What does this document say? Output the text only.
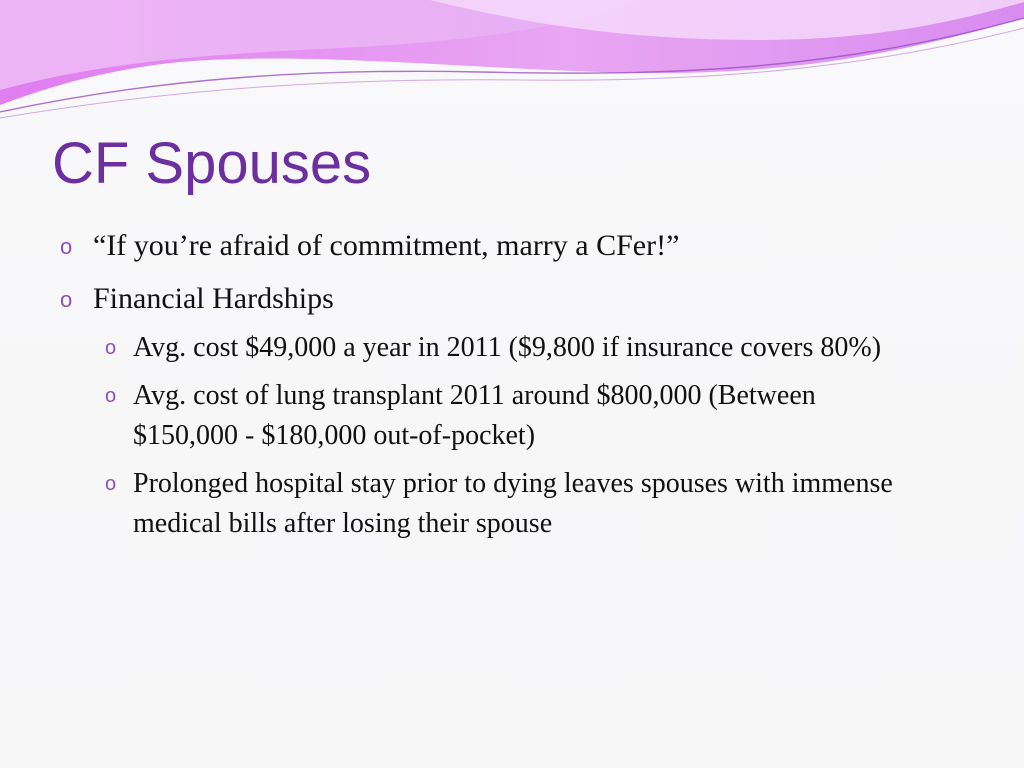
CF Spouses
o “If you’re afraid of commitment, marry a CFer!”
o Financial Hardships
o Avg. cost $49,000 a year in 2011 ($9,800 if insurance covers 80%)
o Avg. cost of lung transplant 2011 around $800,000 (Between $150,000 - $180,000 out-of-pocket)
o Prolonged hospital stay prior to dying leaves spouses with immense medical bills after losing their spouse
